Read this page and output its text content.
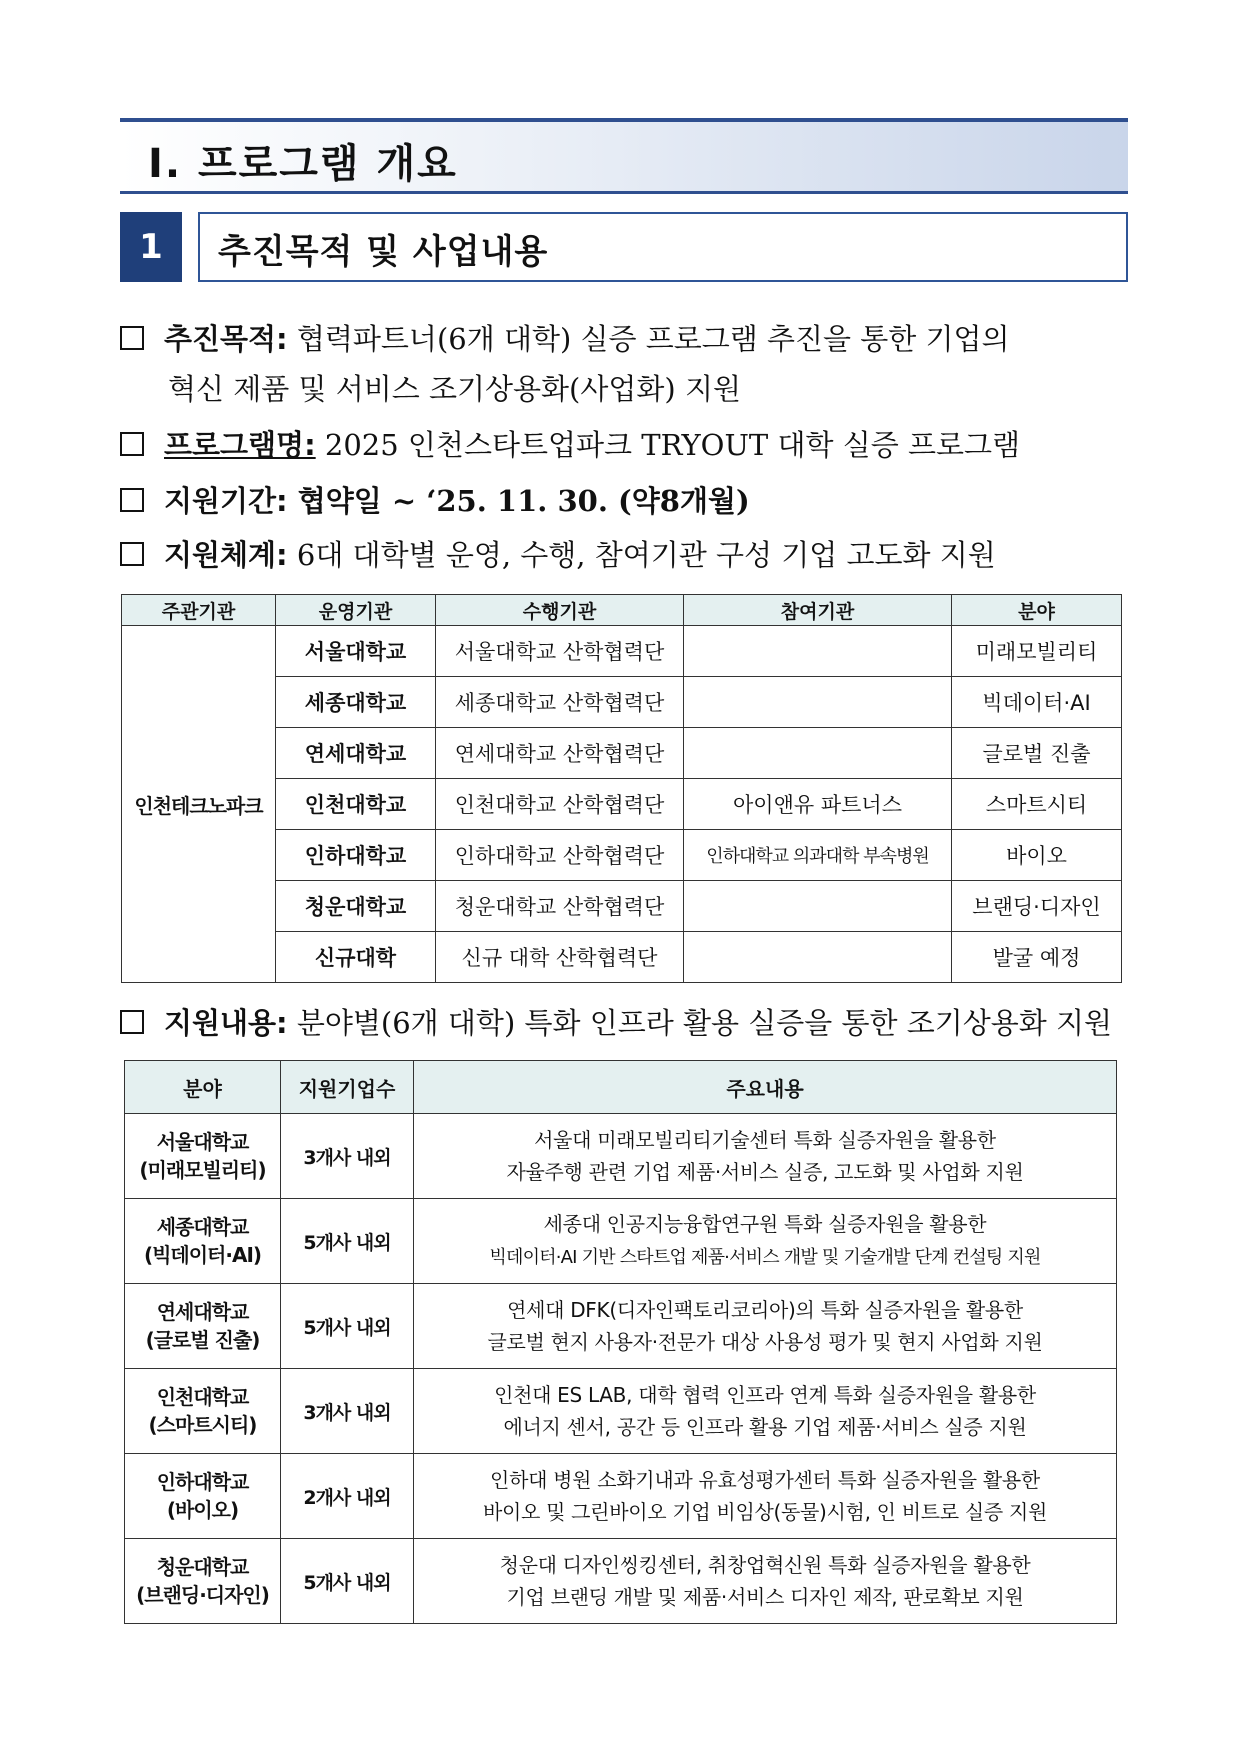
Ⅰ. 프로그램 개요
1	추진목적 및 사업내용
추진목적: 협력파트너(6개 대학) 실증 프로그램 추진을 통한 기업의
혁신 제품 및 서비스 조기상용화(사업화) 지원
프로그램명: 2025 인천스타트업파크 TRYOUT 대학 실증 프로그램
지원기간: 협약일 ~ ‘25. 11. 30. (약8개월)
지원체계: 6대 대학별 운영, 수행, 참여기관 구성 기업 고도화 지원
주관기관	운영기관	수행기관	참여기관	분야
인천테크노파크	서울대학교	서울대학교 산학협력단		미래모빌리티
	세종대학교	세종대학교 산학협력단		빅데이터·AI
	연세대학교	연세대학교 산학협력단		글로벌 진출
	인천대학교	인천대학교 산학협력단	아이앤유 파트너스	스마트시티
	인하대학교	인하대학교 산학협력단	인하대학교 의과대학 부속병원	바이오
	청운대학교	청운대학교 산학협력단		브랜딩·디자인
	신규대학	신규 대학 산학협력단		발굴 예정
지원내용: 분야별(6개 대학) 특화 인프라 활용 실증을 통한 조기상용화 지원
분야	지원기업수	주요내용
서울대학교
(미래모빌리티)	3개사 내외	서울대 미래모빌리티기술센터 특화 실증자원을 활용한
자율주행 관련 기업 제품·서비스 실증, 고도화 및 사업화 지원
세종대학교
(빅데이터·AI)	5개사 내외	세종대 인공지능융합연구원 특화 실증자원을 활용한
빅데이터·AI 기반 스타트업 제품·서비스 개발 및 기술개발 단계 컨설팅 지원
연세대학교
(글로벌 진출)	5개사 내외	연세대 DFK(디자인팩토리코리아)의 특화 실증자원을 활용한
글로벌 현지 사용자·전문가 대상 사용성 평가 및 현지 사업화 지원
인천대학교
(스마트시티)	3개사 내외	인천대 ES LAB, 대학 협력 인프라 연계 특화 실증자원을 활용한
에너지 센서, 공간 등 인프라 활용 기업 제품·서비스 실증 지원
인하대학교
(바이오)	2개사 내외	인하대 병원 소화기내과 유효성평가센터 특화 실증자원을 활용한
바이오 및 그린바이오 기업 비임상(동물)시험, 인 비트로 실증 지원
청운대학교
(브랜딩·디자인)	5개사 내외	청운대 디자인씽킹센터, 취창업혁신원 특화 실증자원을 활용한
기업 브랜딩 개발 및 제품·서비스 디자인 제작, 판로확보 지원
